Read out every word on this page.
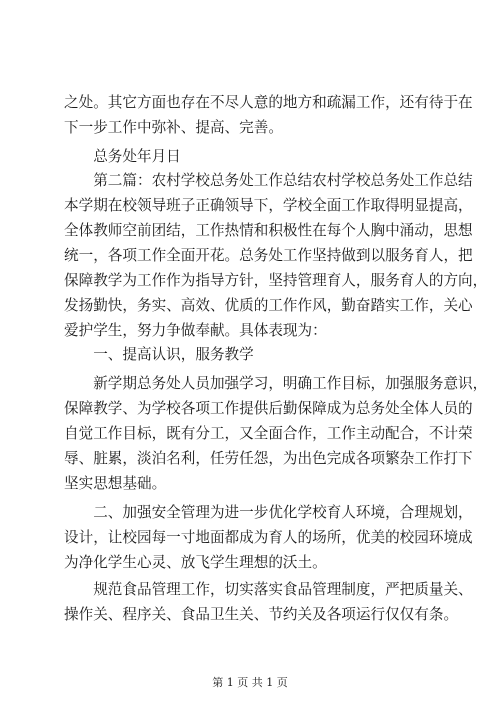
之处。其它方面也存在不尽人意的地方和疏漏工作，还有待于在
下一步工作中弥补、提高、完善。

　　总务处年月日

　　第二篇：农村学校总务处工作总结农村学校总务处工作总结
本学期在校领导班子正确领导下，学校全面工作取得明显提高，
全体教师空前团结，工作热情和积极性在每个人胸中涌动，思想
统一，各项工作全面开花。总务处工作坚持做到以服务育人，把
保障教学为工作作为指导方针，坚持管理育人，服务育人的方向，
发扬勤快，务实、高效、优质的工作作风，勤奋踏实工作，关心
爱护学生，努力争做奉献。具体表现为：

　　一、提高认识，服务教学

　　新学期总务处人员加强学习，明确工作目标，加强服务意识，
保障教学、为学校各项工作提供后勤保障成为总务处全体人员的
自觉工作目标，既有分工，又全面合作，工作主动配合，不计荣
辱、脏累，淡泊名利，任劳任怨，为出色完成各项繁杂工作打下
坚实思想基础。

　　二、加强安全管理为进一步优化学校育人环境，合理规划，
设计，让校园每一寸地面都成为育人的场所，优美的校园环境成
为净化学生心灵、放飞学生理想的沃土。

　　规范食品管理工作，切实落实食品管理制度，严把质量关、
操作关、程序关、食品卫生关、节约关及各项运行仅仅有条。

第 1 页 共 1 页
